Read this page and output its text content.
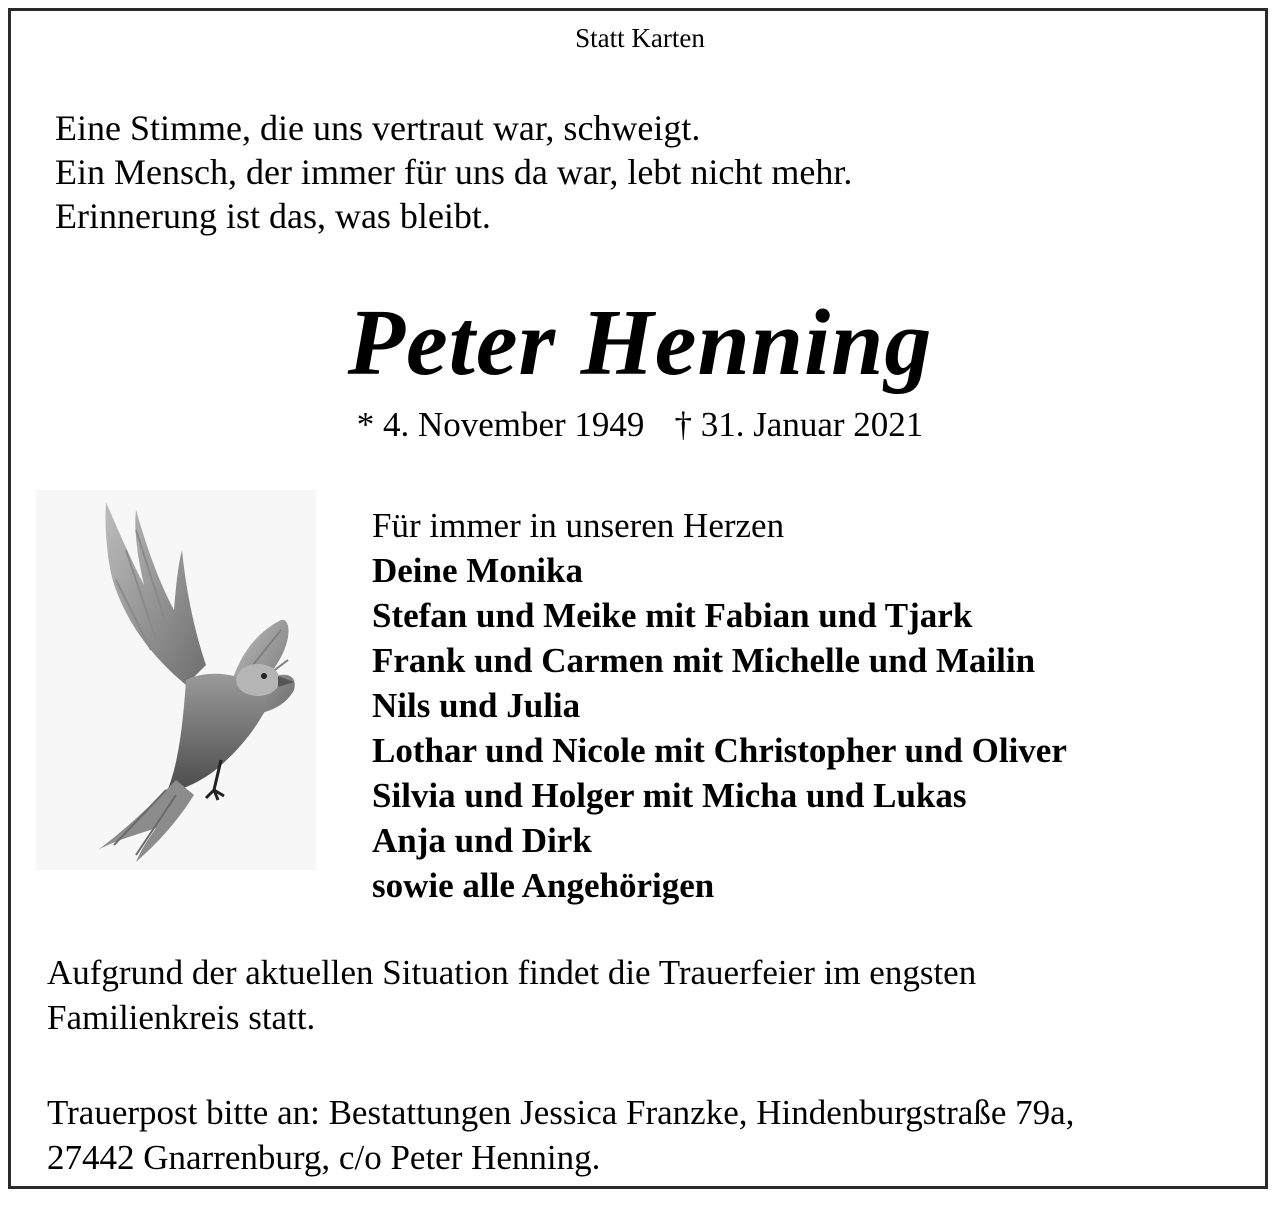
Statt Karten
Eine Stimme, die uns vertraut war, schweigt.
Ein Mensch, der immer für uns da war, lebt nicht mehr.
Erinnerung ist das, was bleibt.
Peter Henning
* 4. November 1949 † 31. Januar 2021
Für immer in unseren Herzen
Deine Monika
Stefan und Meike mit Fabian und Tjark
Frank und Carmen mit Michelle und Mailin
Nils und Julia
Lothar und Nicole mit Christopher und Oliver
Silvia und Holger mit Micha und Lukas
Anja und Dirk
sowie alle Angehörigen
Aufgrund der aktuellen Situation findet die Trauerfeier im engsten
Familienkreis statt.
Trauerpost bitte an: Bestattungen Jessica Franzke, Hindenburgstraße 79a,
27442 Gnarrenburg, c/o Peter Henning.
